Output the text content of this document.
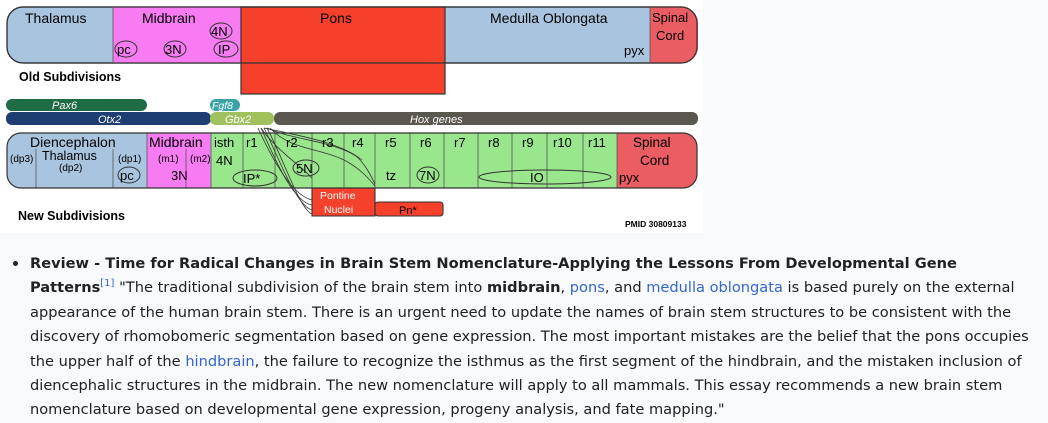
Thalamus	Midbrain	Pons	Medulla Oblongata	Spinal
Cord
pc	3N
4N
IP	pyx
Old Subdivisions
Pax6	Fgf8
Otx2	Gbx2	Hox genes
Diencephalon
(dp3) Thalamus
(dp2)
(dp1)
pc
Midbrain
(m1) (m2)
3N
isth
4N
r1
IP*
r2 r3 r4 r5 r6 r7 r8 r9 r10 r11
5N	tz 7N	IO
Spinal
Cord
pyx
Pontine
Nuclei	Pn*
New Subdivisions
PMID 30809133

Review - Time for Radical Changes in Brain Stem Nomenclature-Applying the Lessons From Developmental Gene Patterns[1] "The traditional subdivision of the brain stem into midbrain, pons, and medulla oblongata is based purely on the external appearance of the human brain stem. There is an urgent need to update the names of brain stem structures to be consistent with the discovery of rhomobomeric segmentation based on gene expression. The most important mistakes are the belief that the pons occupies the upper half of the hindbrain, the failure to recognize the isthmus as the first segment of the hindbrain, and the mistaken inclusion of diencephalic structures in the midbrain. The new nomenclature will apply to all mammals. This essay recommends a new brain stem nomenclature based on developmental gene expression, progeny analysis, and fate mapping."
